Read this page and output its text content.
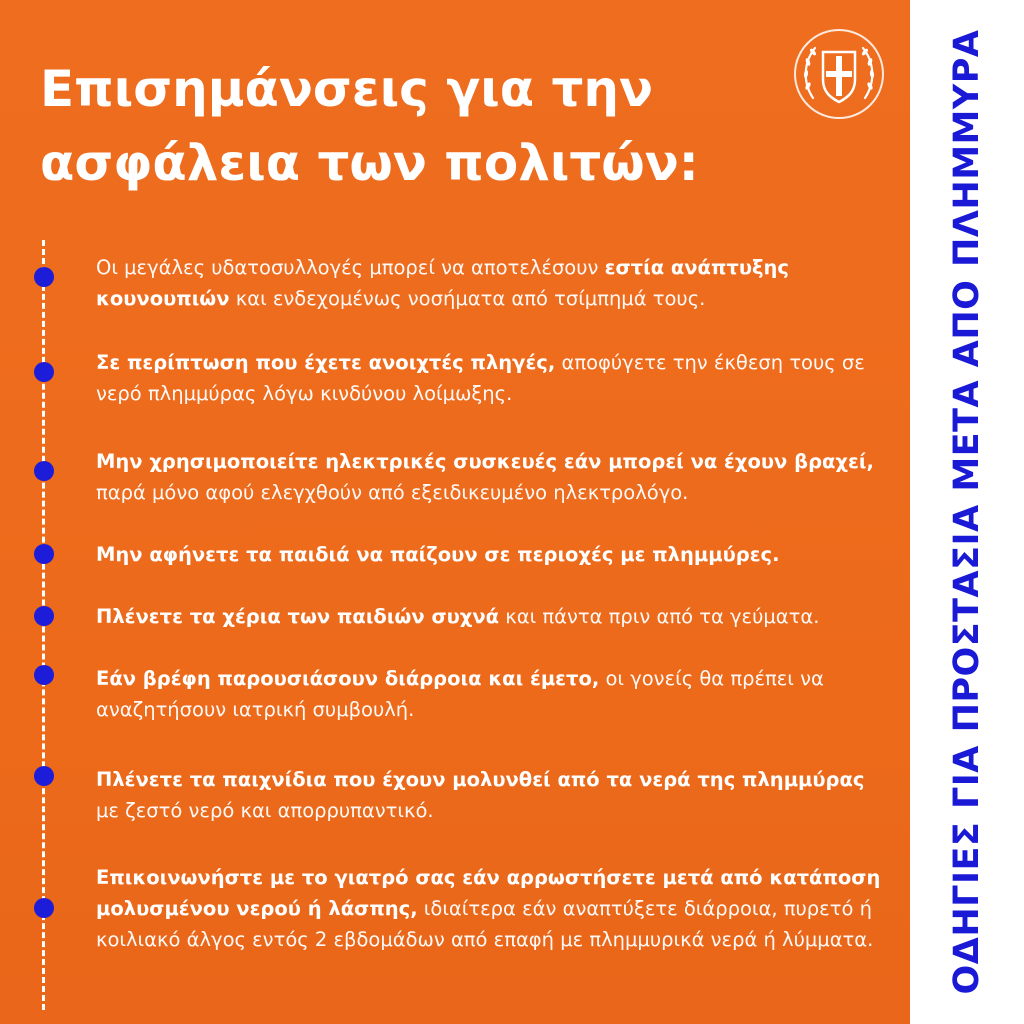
Επισημάνσεις για την
ασφάλεια των πολιτών:
Οι μεγάλες υδατοσυλλογές μπορεί να αποτελέσουν εστία ανάπτυξης κουνουπιών και ενδεχομένως νοσήματα από τσίμπημά τους.
Σε περίπτωση που έχετε ανοιχτές πληγές, αποφύγετε την έκθεση τους σε νερό πλημμύρας λόγω κινδύνου λοίμωξης.
Μην χρησιμοποιείτε ηλεκτρικές συσκευές εάν μπορεί να έχουν βραχεί, παρά μόνο αφού ελεγχθούν από εξειδικευμένο ηλεκτρολόγο.
Μην αφήνετε τα παιδιά να παίζουν σε περιοχές με πλημμύρες.
Πλένετε τα χέρια των παιδιών συχνά και πάντα πριν από τα γεύματα.
Εάν βρέφη παρουσιάσουν διάρροια και έμετο, οι γονείς θα πρέπει να αναζητήσουν ιατρική συμβουλή.
Πλένετε τα παιχνίδια που έχουν μολυνθεί από τα νερά της πλημμύρας με ζεστό νερό και απορρυπαντικό.
Επικοινωνήστε με το γιατρό σας εάν αρρωστήσετε μετά από κατάποση μολυσμένου νερού ή λάσπης, ιδιαίτερα εάν αναπτύξετε διάρροια, πυρετό ή κοιλιακό άλγος εντός 2 εβδομάδων από επαφή με πλημμυρικά νερά ή λύμματα.	ΟΔΗΓΙΕΣ ΓΙΑ ΠΡΟΣΤΑΣΙΑ ΜΕΤΑ ΑΠΟ ΠΛΗΜΜΥΡΑ
